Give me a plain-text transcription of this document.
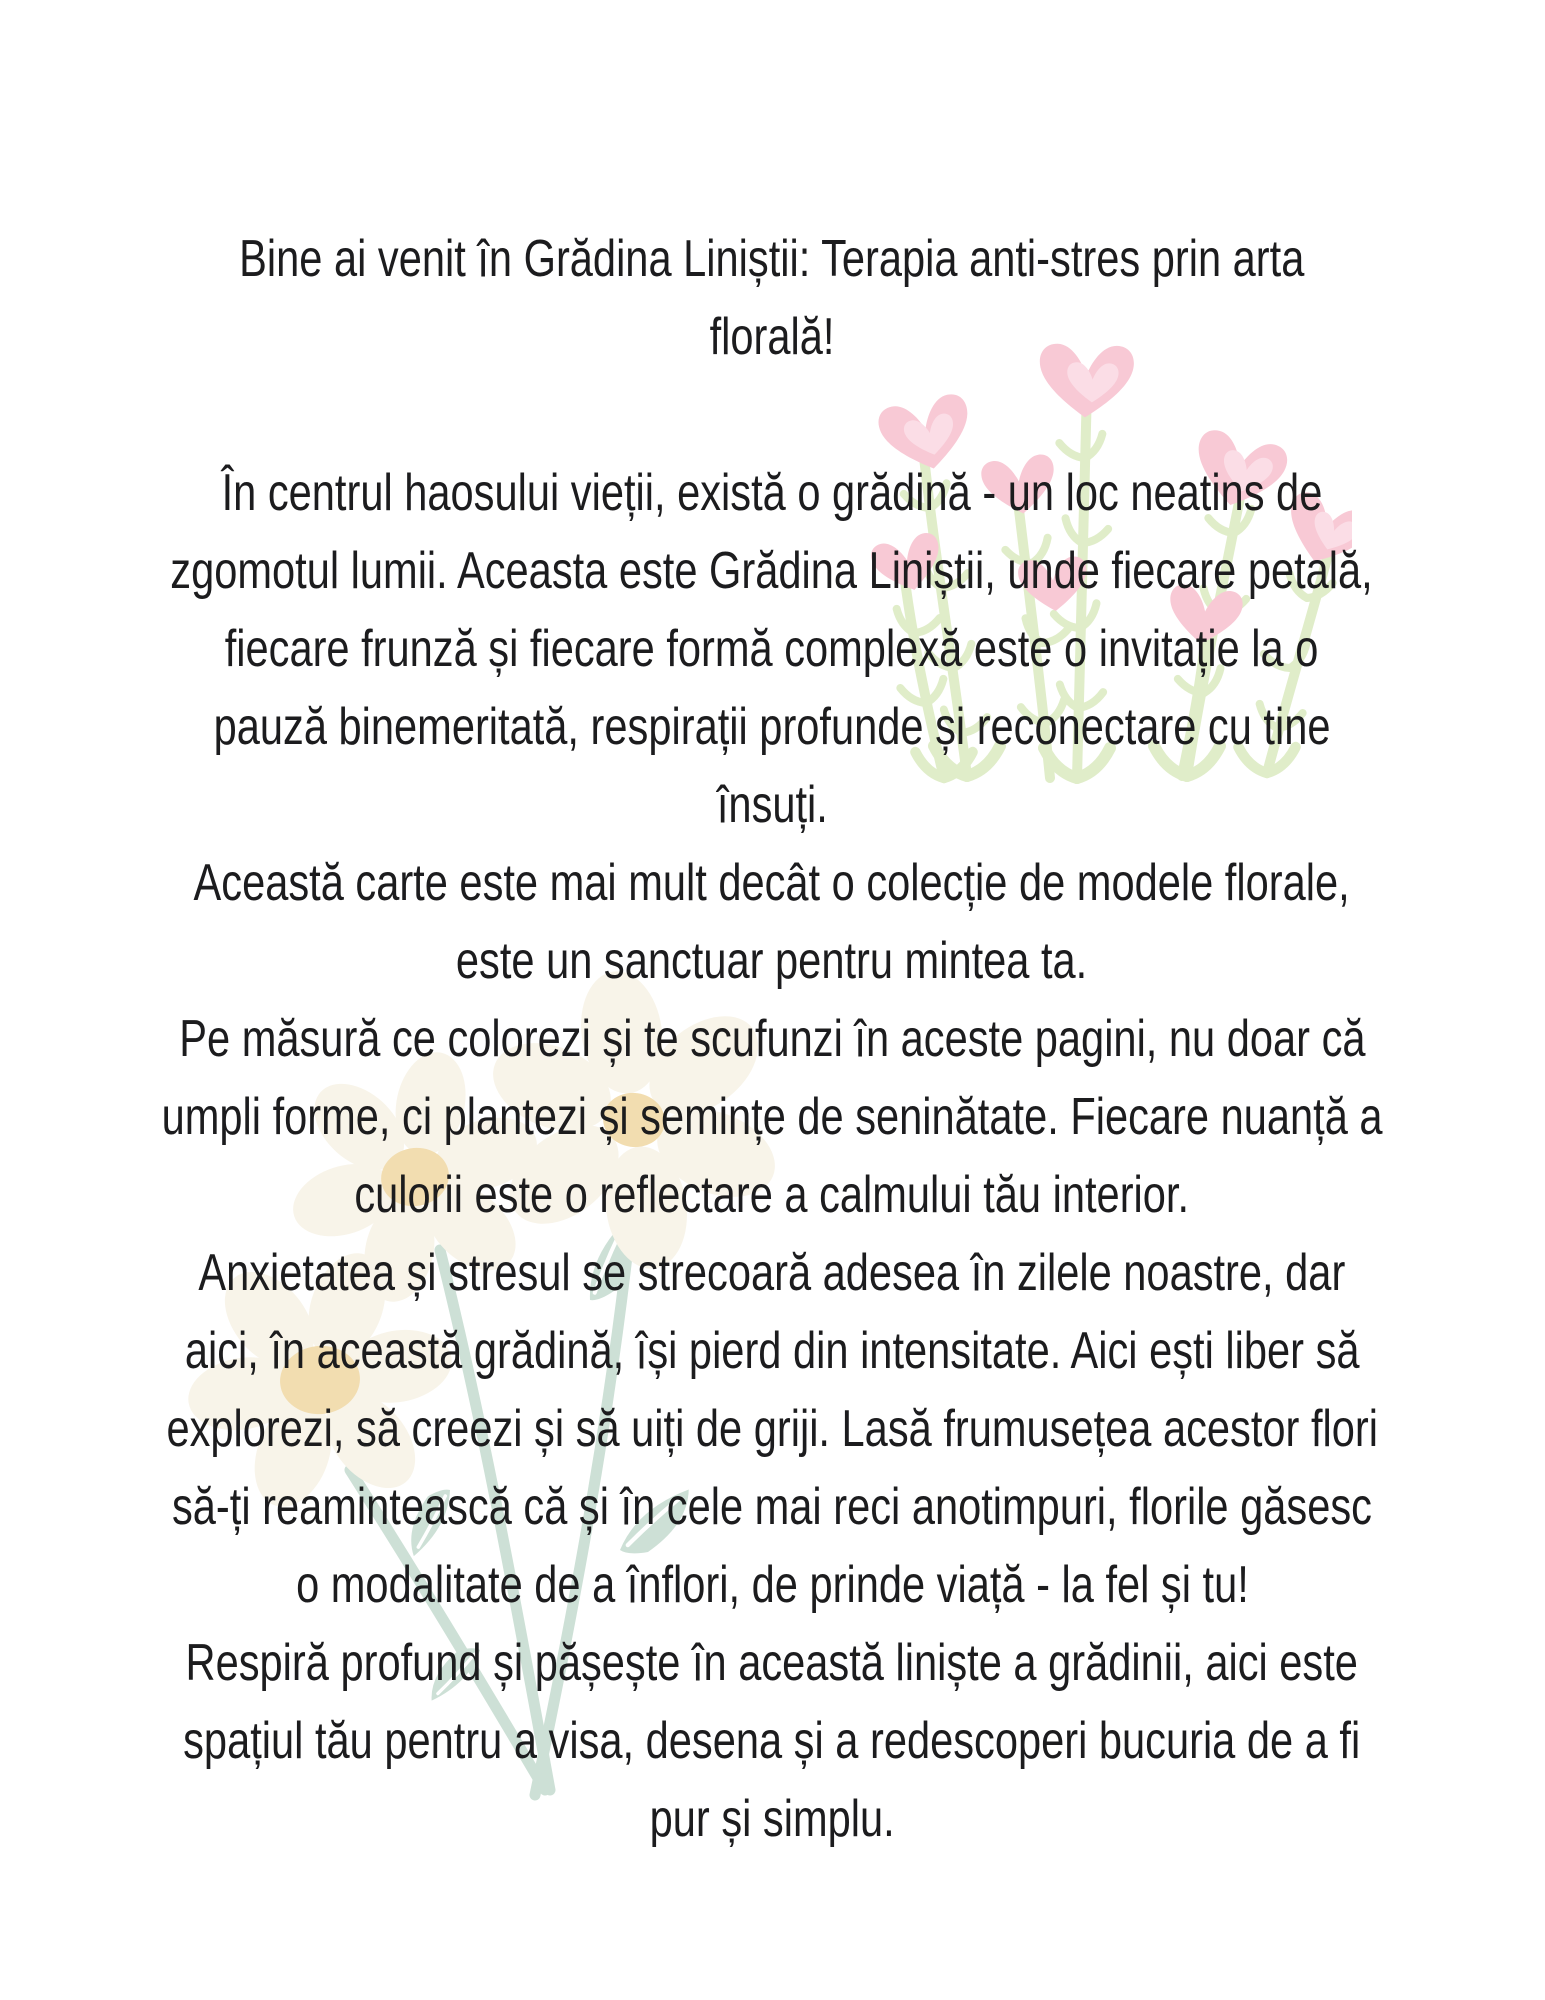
Bine ai venit în Grădina Liniștii: Terapia anti-stres prin arta
florală!
În centrul haosului vieții, există o grădină - un loc neatins de
zgomotul lumii. Aceasta este Grădina Liniștii, unde fiecare petală,
fiecare frunză și fiecare formă complexă este o invitație la o
pauză binemeritată, respirații profunde și reconectare cu tine
însuți.
Această carte este mai mult decât o colecție de modele florale,
este un sanctuar pentru mintea ta.
Pe măsură ce colorezi și te scufunzi în aceste pagini, nu doar că
umpli forme, ci plantezi și semințe de seninătate. Fiecare nuanță a
culorii este o reflectare a calmului tău interior.
Anxietatea și stresul se strecoară adesea în zilele noastre, dar
aici, în această grădină, își pierd din intensitate. Aici ești liber să
explorezi, să creezi și să uiți de griji. Lasă frumusețea acestor flori
să-ți reamintească că și în cele mai reci anotimpuri, florile găsesc
o modalitate de a înflori, de prinde viață - la fel și tu!
Respiră profund și pășește în această liniște a grădinii, aici este
spațiul tău pentru a visa, desena și a redescoperi bucuria de a fi
pur și simplu.
